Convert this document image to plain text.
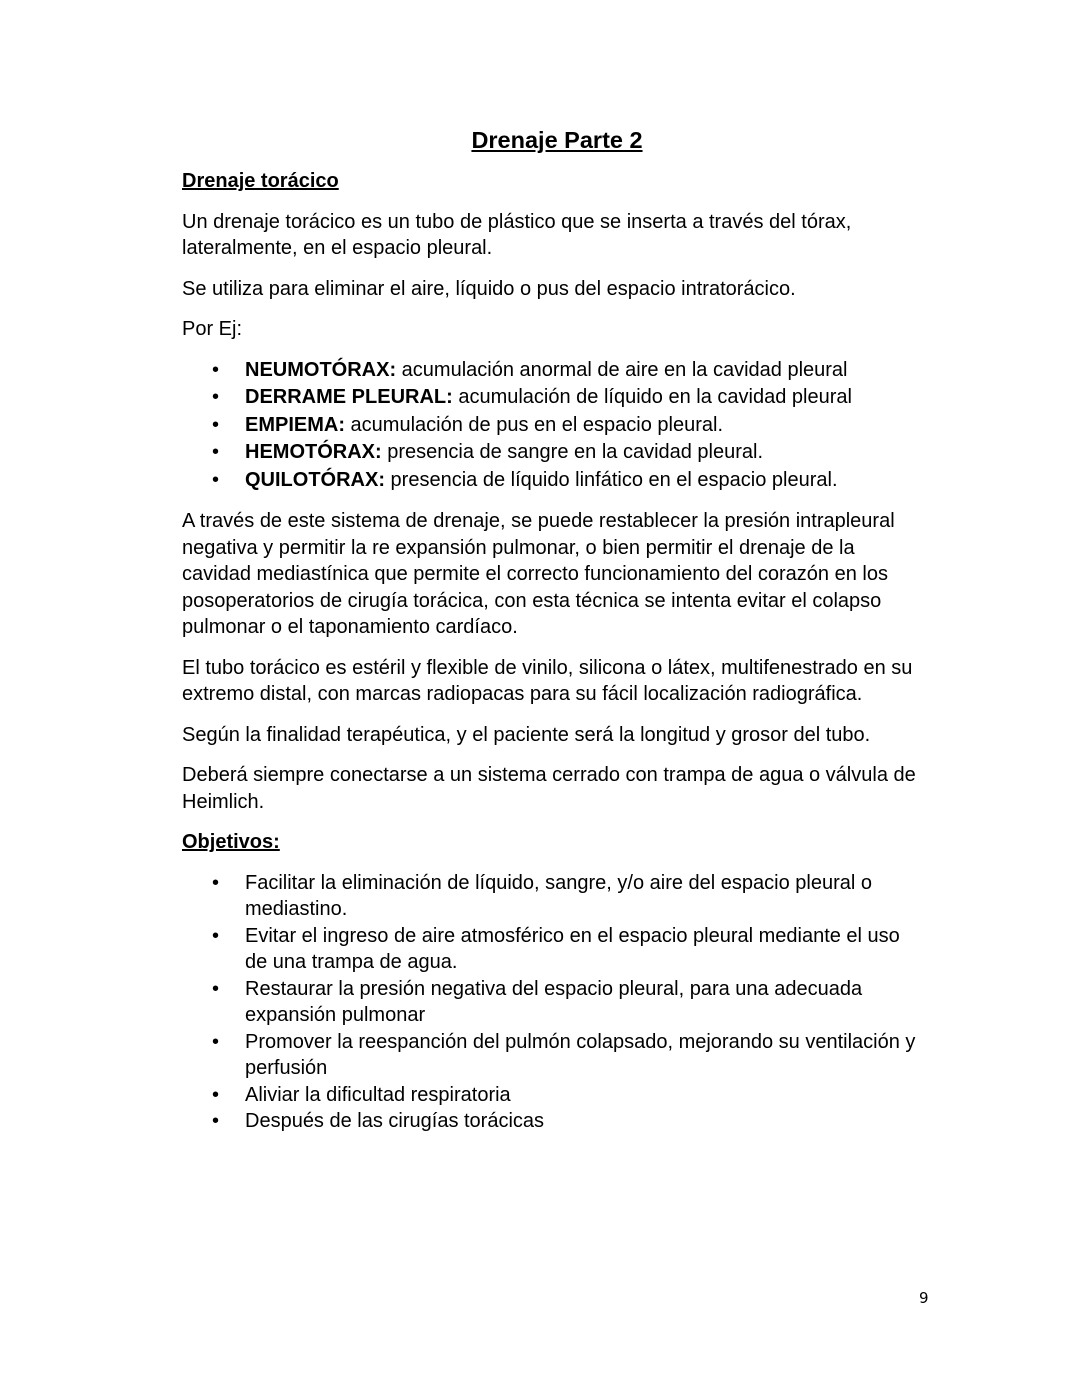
Drenaje Parte 2
Drenaje torácico

Un drenaje torácico es un tubo de plástico que se inserta a través del tórax, lateralmente, en el espacio pleural.

Se utiliza para eliminar el aire, líquido o pus del espacio intratorácico.

Por Ej:

• NEUMOTÓRAX: acumulación anormal de aire en la cavidad pleural
• DERRAME PLEURAL: acumulación de líquido en la cavidad pleural
• EMPIEMA: acumulación de pus en el espacio pleural.
• HEMOTÓRAX: presencia de sangre en la cavidad pleural.
• QUILOTÓRAX: presencia de líquido linfático en el espacio pleural.

A través de este sistema de drenaje, se puede restablecer la presión intrapleural negativa y permitir la re expansión pulmonar, o bien permitir el drenaje de la cavidad mediastínica que permite el correcto funcionamiento del corazón en los posoperatorios de cirugía torácica, con esta técnica se intenta evitar el colapso pulmonar o el taponamiento cardíaco.

El tubo torácico es estéril y flexible de vinilo, silicona o látex, multifenestrado en su extremo distal, con marcas radiopacas para su fácil localización radiográfica.

Según la finalidad terapéutica, y el paciente será la longitud y grosor del tubo.

Deberá siempre conectarse a un sistema cerrado con trampa de agua o válvula de Heimlich.

Objetivos:
• Facilitar la eliminación de líquido, sangre, y/o aire del espacio pleural o mediastino.
• Evitar el ingreso de aire atmosférico en el espacio pleural mediante el uso de una trampa de agua.
• Restaurar la presión negativa del espacio pleural, para una adecuada expansión pulmonar
• Promover la reespanción del pulmón colapsado, mejorando su ventilación y perfusión
• Aliviar la dificultad respiratoria
• Después de las cirugías torácicas
9
